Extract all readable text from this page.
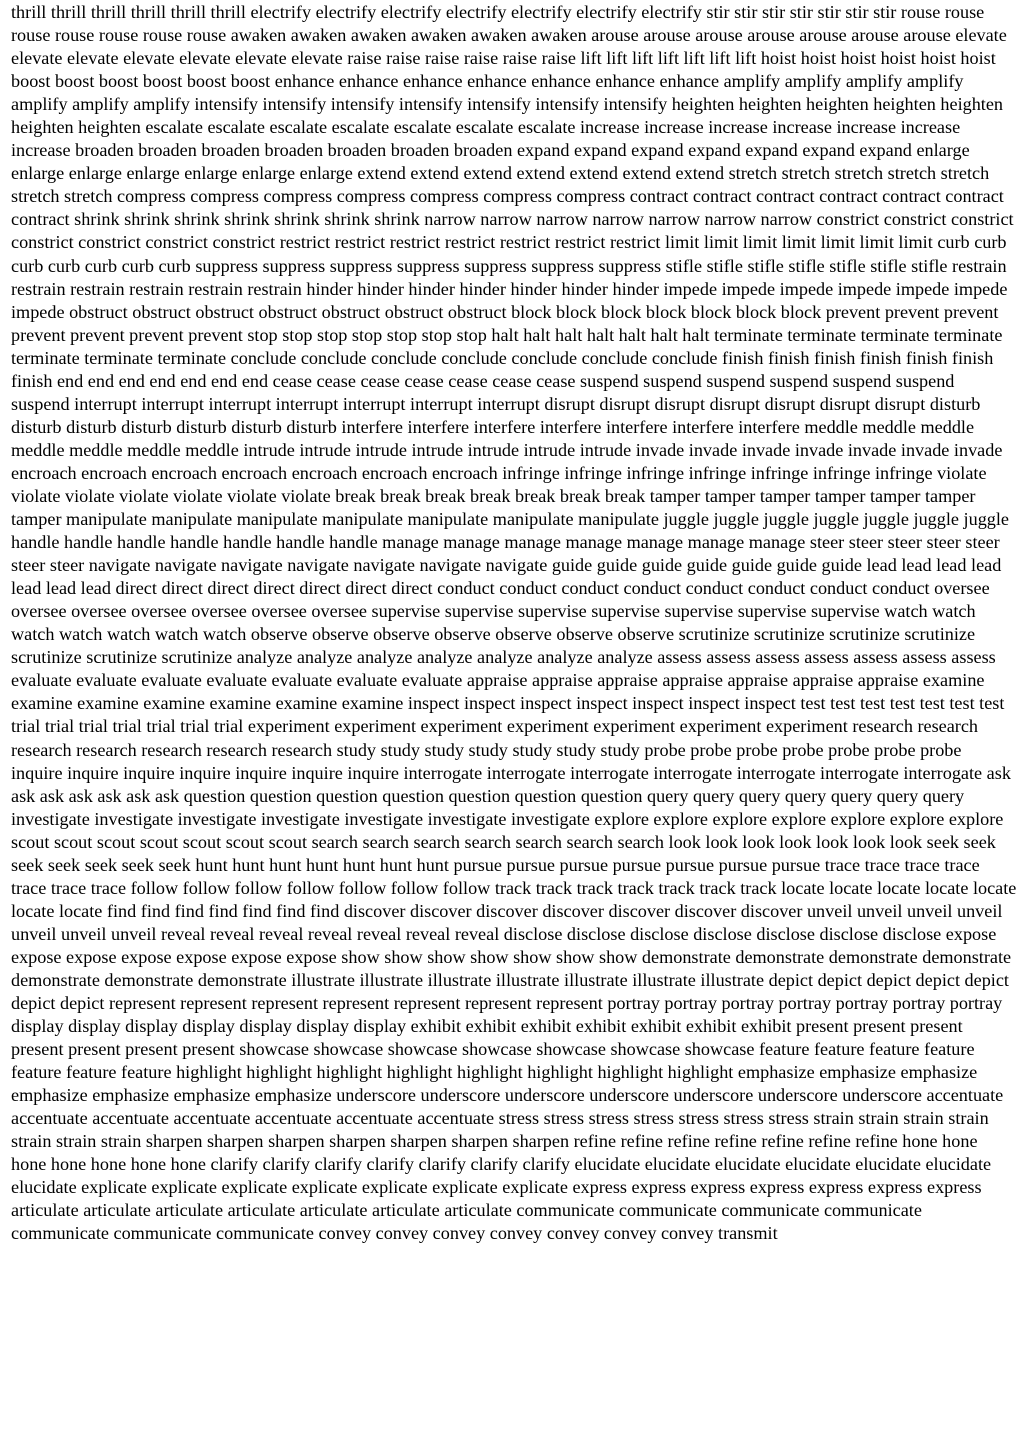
thrill thrill thrill thrill thrill thrill electrify electrify electrify electrify electrify electrify electrify stir stir stir stir stir stir stir rouse rouse rouse rouse rouse rouse rouse awaken awaken awaken awaken awaken awaken arouse arouse arouse arouse arouse arouse arouse elevate elevate elevate elevate elevate elevate elevate raise raise raise raise raise raise lift lift lift lift lift lift lift hoist hoist hoist hoist hoist hoist boost boost boost boost boost boost enhance enhance enhance enhance enhance enhance enhance amplify amplify amplify amplify amplify amplify amplify intensify intensify intensify intensify intensify intensify intensify heighten heighten heighten heighten heighten heighten heighten escalate escalate escalate escalate escalate escalate escalate increase increase increase increase increase increase increase broaden broaden broaden broaden broaden broaden broaden expand expand expand expand expand expand expand enlarge enlarge enlarge enlarge enlarge enlarge enlarge extend extend extend extend extend extend extend stretch stretch stretch stretch stretch stretch stretch compress compress compress compress compress compress compress contract contract contract contract contract contract contract shrink shrink shrink shrink shrink shrink shrink narrow narrow narrow narrow narrow narrow narrow constrict constrict constrict constrict constrict constrict constrict restrict restrict restrict restrict restrict restrict restrict limit limit limit limit limit limit limit curb curb curb curb curb curb curb suppress suppress suppress suppress suppress suppress suppress stifle stifle stifle stifle stifle stifle stifle restrain restrain restrain restrain restrain restrain hinder hinder hinder hinder hinder hinder hinder impede impede impede impede impede impede impede obstruct obstruct obstruct obstruct obstruct obstruct obstruct block block block block block block block prevent prevent prevent prevent prevent prevent prevent stop stop stop stop stop stop stop halt halt halt halt halt halt halt terminate terminate terminate terminate terminate terminate terminate conclude conclude conclude conclude conclude conclude conclude finish finish finish finish finish finish finish end end end end end end end cease cease cease cease cease cease cease suspend suspend suspend suspend suspend suspend suspend interrupt interrupt interrupt interrupt interrupt interrupt interrupt disrupt disrupt disrupt disrupt disrupt disrupt disrupt disturb disturb disturb disturb disturb disturb disturb interfere interfere interfere interfere interfere interfere interfere meddle meddle meddle meddle meddle meddle meddle intrude intrude intrude intrude intrude intrude intrude invade invade invade invade invade invade invade encroach encroach encroach encroach encroach encroach encroach infringe infringe infringe infringe infringe infringe infringe violate violate violate violate violate violate violate break break break break break break break tamper tamper tamper tamper tamper tamper tamper manipulate manipulate manipulate manipulate manipulate manipulate manipulate juggle juggle juggle juggle juggle juggle juggle handle handle handle handle handle handle handle manage manage manage manage manage manage manage steer steer steer steer steer steer steer navigate navigate navigate navigate navigate navigate navigate guide guide guide guide guide guide guide lead lead lead lead lead lead lead direct direct direct direct direct direct direct conduct conduct conduct conduct conduct conduct conduct conduct oversee oversee oversee oversee oversee oversee oversee supervise supervise supervise supervise supervise supervise supervise watch watch watch watch watch watch watch observe observe observe observe observe observe observe scrutinize scrutinize scrutinize scrutinize scrutinize scrutinize scrutinize analyze analyze analyze analyze analyze analyze analyze assess assess assess assess assess assess assess evaluate evaluate evaluate evaluate evaluate evaluate evaluate appraise appraise appraise appraise appraise appraise appraise examine examine examine examine examine examine examine inspect inspect inspect inspect inspect inspect inspect test test test test test test test trial trial trial trial trial trial trial experiment experiment experiment experiment experiment experiment experiment research research research research research research research study study study study study study study probe probe probe probe probe probe probe inquire inquire inquire inquire inquire inquire inquire interrogate interrogate interrogate interrogate interrogate interrogate interrogate ask ask ask ask ask ask ask question question question question question question question query query query query query query query investigate investigate investigate investigate investigate investigate investigate explore explore explore explore explore explore explore scout scout scout scout scout scout scout search search search search search search search look look look look look look look seek seek seek seek seek seek seek hunt hunt hunt hunt hunt hunt hunt pursue pursue pursue pursue pursue pursue pursue trace trace trace trace trace trace trace follow follow follow follow follow follow follow track track track track track track track locate locate locate locate locate locate locate find find find find find find find discover discover discover discover discover discover discover unveil unveil unveil unveil unveil unveil unveil reveal reveal reveal reveal reveal reveal reveal disclose disclose disclose disclose disclose disclose disclose expose expose expose expose expose expose expose show show show show show show show demonstrate demonstrate demonstrate demonstrate demonstrate demonstrate demonstrate illustrate illustrate illustrate illustrate illustrate illustrate illustrate depict depict depict depict depict depict depict represent represent represent represent represent represent represent portray portray portray portray portray portray portray display display display display display display display exhibit exhibit exhibit exhibit exhibit exhibit exhibit present present present present present present present showcase showcase showcase showcase showcase showcase showcase feature feature feature feature feature feature feature highlight highlight highlight highlight highlight highlight highlight highlight emphasize emphasize emphasize emphasize emphasize emphasize emphasize underscore underscore underscore underscore underscore underscore underscore accentuate accentuate accentuate accentuate accentuate accentuate accentuate stress stress stress stress stress stress stress strain strain strain strain strain strain strain sharpen sharpen sharpen sharpen sharpen sharpen sharpen refine refine refine refine refine refine refine hone hone hone hone hone hone hone clarify clarify clarify clarify clarify clarify clarify elucidate elucidate elucidate elucidate elucidate elucidate elucidate explicate explicate explicate explicate explicate explicate explicate express express express express express express express articulate articulate articulate articulate articulate articulate articulate communicate communicate communicate communicate communicate communicate communicate convey convey convey convey convey convey convey transmit
